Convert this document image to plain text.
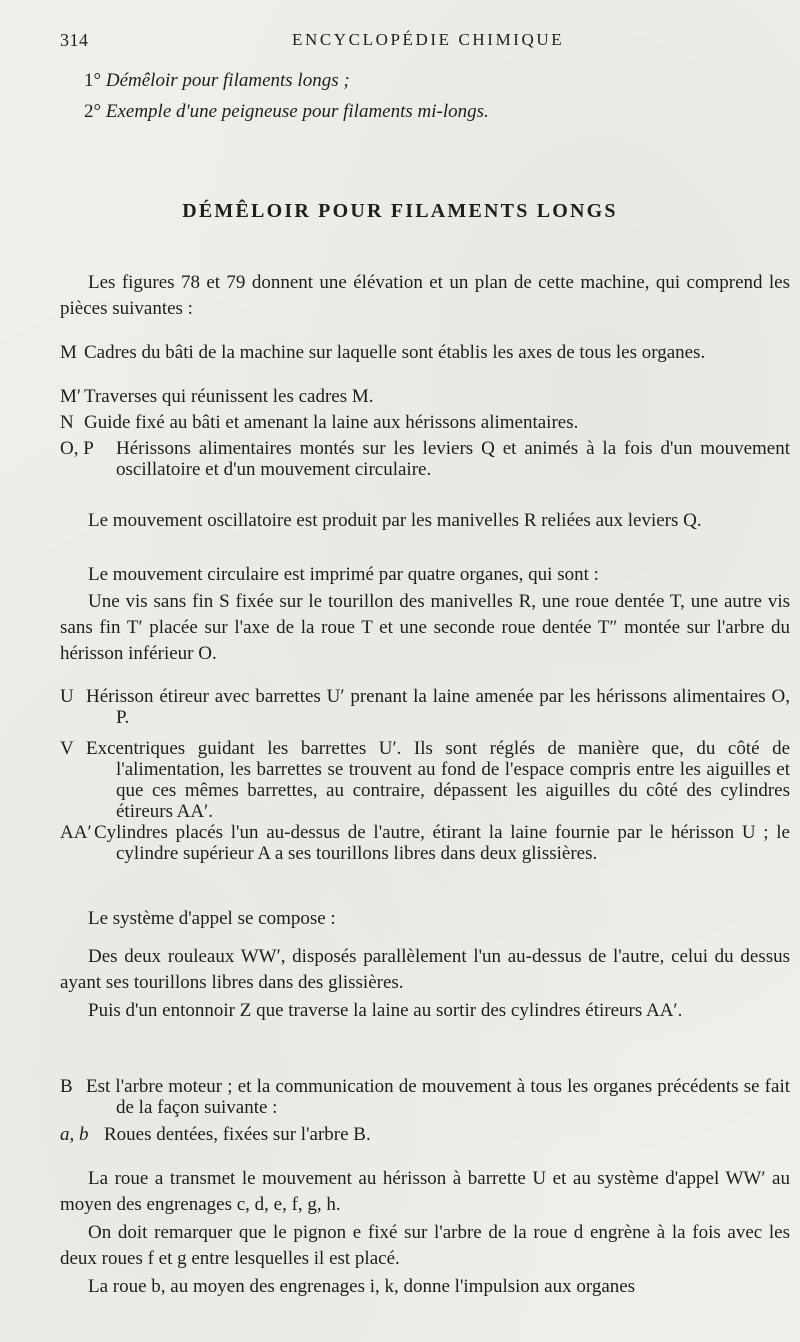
314	ENCYCLOPÉDIE CHIMIQUE
1° Démêloir pour filaments longs ;
2° Exemple d'une peigneuse pour filaments mi-longs.
DÉMÊLOIR POUR FILAMENTS LONGS
Les figures 78 et 79 donnent une élévation et un plan de cette machine, qui comprend les pièces suivantes :
M Cadres du bâti de la machine sur laquelle sont établis les axes de tous les organes.
M′ Traverses qui réunissent les cadres M.
N Guide fixé au bâti et amenant la laine aux hérissons alimentaires.
O, P	Hérissons alimentaires montés sur les leviers Q et animés à la fois d'un mouvement oscillatoire et d'un mouvement circulaire.
Le mouvement oscillatoire est produit par les manivelles R reliées aux leviers Q.
Le mouvement circulaire est imprimé par quatre organes, qui sont :
Une vis sans fin S fixée sur le tourillon des manivelles R, une roue dentée T, une autre vis sans fin T′ placée sur l'axe de la roue T et une seconde roue dentée T″ montée sur l'arbre du hérisson inférieur O.
U Hérisson étireur avec barrettes U′ prenant la laine amenée par les hérissons alimentaires O, P.
V Excentriques guidant les barrettes U′. Ils sont réglés de manière que, du côté de l'alimentation, les barrettes se trouvent au fond de l'espace compris entre les aiguilles et que ces mêmes barrettes, au contraire, dépassent les aiguilles du côté des cylindres étireurs AA′.
AA′ Cylindres placés l'un au-dessus de l'autre, étirant la laine fournie par le hérisson U ; le cylindre supérieur A a ses tourillons libres dans deux glissières.
Le système d'appel se compose :
Des deux rouleaux WW′, disposés parallèlement l'un au-dessus de l'autre, celui du dessus ayant ses tourillons libres dans des glissières.
Puis d'un entonnoir Z que traverse la laine au sortir des cylindres étireurs AA′.
B Est l'arbre moteur ; et la communication de mouvement à tous les organes précédents se fait de la façon suivante :
a, b Roues dentées, fixées sur l'arbre B.
La roue a transmet le mouvement au hérisson à barrette U et au système d'appel WW′ au moyen des engrenages c, d, e, f, g, h.
On doit remarquer que le pignon e fixé sur l'arbre de la roue d engrène à la fois avec les deux roues f et g entre lesquelles il est placé.
La roue b, au moyen des engrenages i, k, donne l'impulsion aux organes
